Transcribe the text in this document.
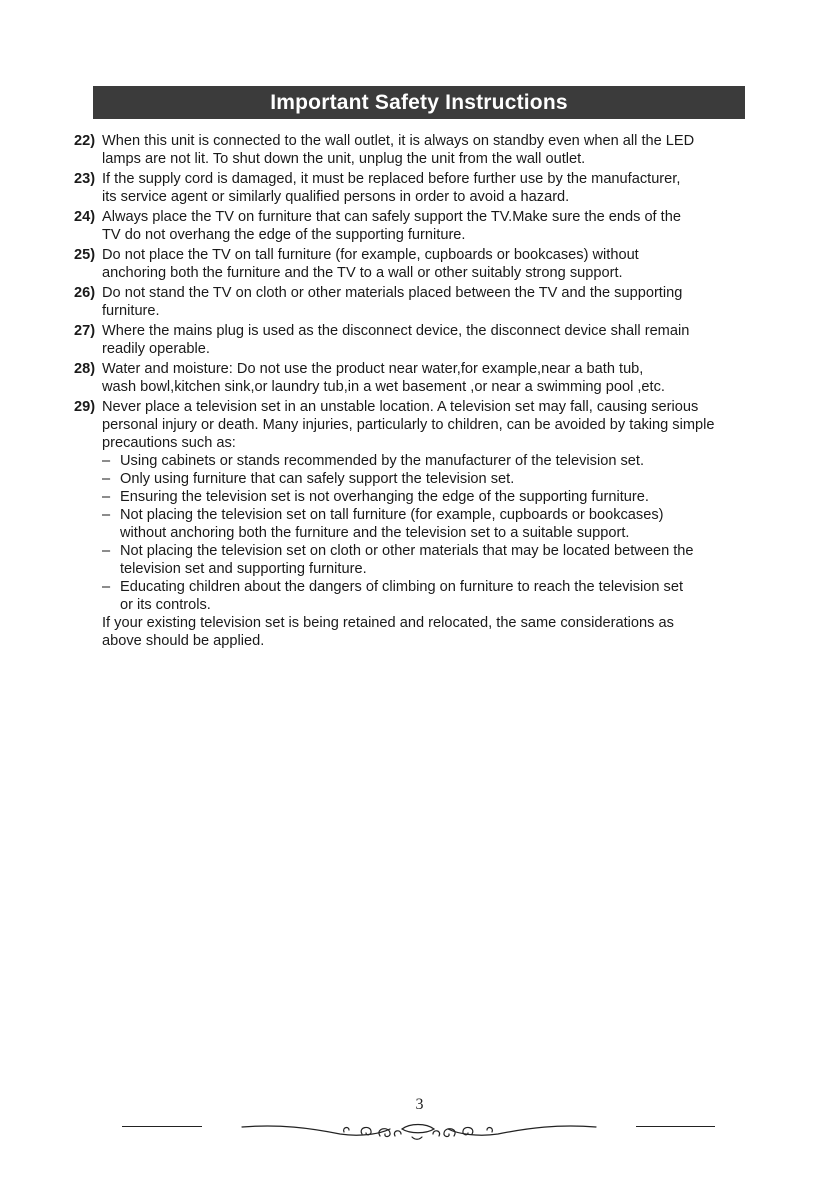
Important Safety Instructions
22) When this unit is connected to the wall outlet, it is always on standby even when all the LED
lamps are not lit. To shut down the unit, unplug the unit from the wall outlet.
23) If the supply cord is damaged, it must be replaced before further use by the manufacturer,
its service agent or similarly qualified persons in order to avoid a hazard.
24) Always place the TV on furniture that can safely support the TV.Make sure the ends of the
TV do not overhang the edge of the supporting furniture.
25) Do not place the TV on tall furniture (for example, cupboards or bookcases) without
anchoring both the furniture and the TV to a wall or other suitably strong support.
26) Do not stand the TV on cloth or other materials placed between the TV and the supporting
furniture.
27) Where the mains plug is used as the disconnect device, the disconnect device shall remain
readily operable.
28) Water and moisture: Do not use the product near water,for example,near a bath tub,
wash bowl,kitchen sink,or laundry tub,in a wet basement ,or near a swimming pool ,etc.
29) Never place a television set in an unstable location. A television set may fall, causing serious
personal injury or death. Many injuries, particularly to children, can be avoided by taking simple
precautions such as:
– Using cabinets or stands recommended by the manufacturer of the television set.
– Only using furniture that can safely support the television set.
– Ensuring the television set is not overhanging the edge of the supporting furniture.
– Not placing the television set on tall furniture (for example, cupboards or bookcases)
without anchoring both the furniture and the television set to a suitable support.
– Not placing the television set on cloth or other materials that may be located between the
television set and supporting furniture.
– Educating children about the dangers of climbing on furniture to reach the television set
or its controls.
If your existing television set is being retained and relocated, the same considerations as
above should be applied.
3
